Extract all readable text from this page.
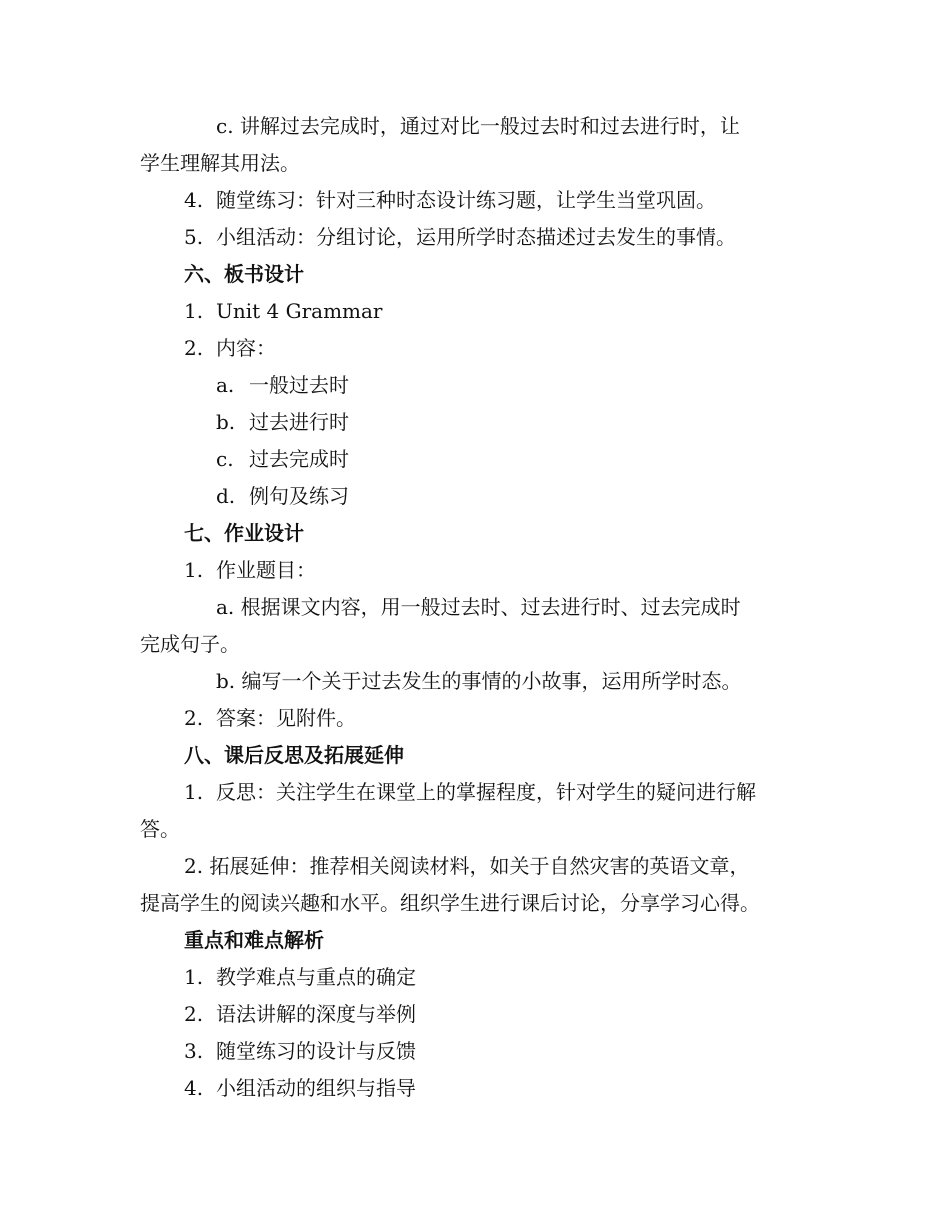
c. 讲解过去完成时，通过对比一般过去时和过去进行时，让
学生理解其用法。
4. 随堂练习：针对三种时态设计练习题，让学生当堂巩固。
5. 小组活动：分组讨论，运用所学时态描述过去发生的事情。
六、板书设计
1. Unit 4 Grammar
2. 内容：
a. 一般过去时
b. 过去进行时
c. 过去完成时
d. 例句及练习
七、作业设计
1. 作业题目：
a. 根据课文内容，用一般过去时、过去进行时、过去完成时
完成句子。
b. 编写一个关于过去发生的事情的小故事，运用所学时态。
2. 答案：见附件。
八、课后反思及拓展延伸
1. 反思：关注学生在课堂上的掌握程度，针对学生的疑问进行解
答。
2. 拓展延伸：推荐相关阅读材料，如关于自然灾害的英语文章，
提高学生的阅读兴趣和水平。组织学生进行课后讨论，分享学习心得。
重点和难点解析
1. 教学难点与重点的确定
2. 语法讲解的深度与举例
3. 随堂练习的设计与反馈
4. 小组活动的组织与指导
